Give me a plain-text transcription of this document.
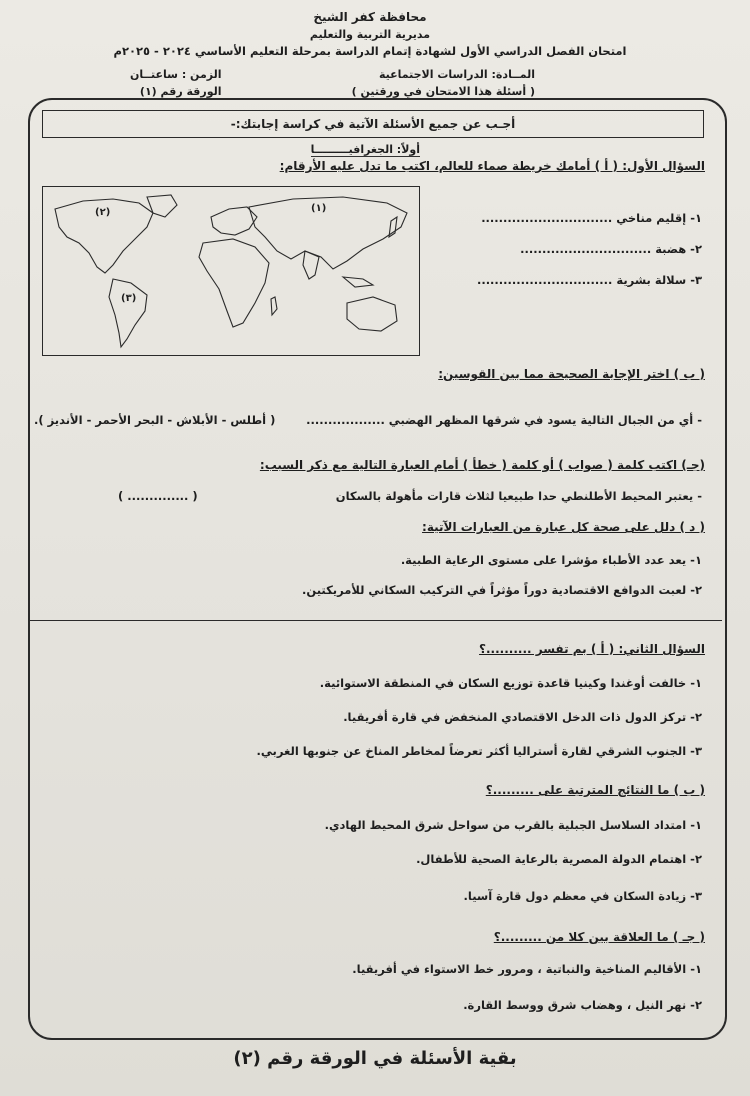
محافظة كفر الشيخ
مديرية التربية والتعليم
امتحان الفصل الدراسي الأول لشهادة إتمام الدراسة بمرحلة التعليم الأساسي ٢٠٢٤ - ٢٠٢٥م
المــادة: الدراسات الاجتماعية
( أسئلة هذا الامتحان في ورقتين )
الزمن : ساعتــان
الورقة رقم (١)
أجـب عن جميع الأسئلة الآتية في كراسة إجابتك:-
أولاً: الجغرافيـــــــــا
السؤال الأول: ( أ ) أمامك خريطة صماء للعالم، اكتب ما تدل عليه الأرقام:
(١)
(٢)
(٣)
١- إقليم مناخي ..............................
٢- هضبة ..............................
٣- سلالة بشرية ...............................
( ب ) اختر الإجابة الصحيحة مما بين القوسين:
- أي من الجبال التالية يسود في شرقها المظهر الهضبي ..................
( أطلس - الأبلاش - البحر الأحمر - الأنديز ).
(جـ) اكتب كلمة ( صواب ) أو كلمة ( خطأ ) أمام العبارة التالية مع ذكر السبب:
- يعتبر المحيط الأطلنطي حدا طبيعيا لثلاث قارات مأهولة بالسكان
( .............. )
( د ) دلل على صحة كل عبارة من العبارات الآتية:
١- يعد عدد الأطباء مؤشرا على مستوى الرعاية الطبية.
٢- لعبت الدوافع الاقتصادية دوراً مؤثراً في التركيب السكاني للأمريكتين.
السؤال الثاني: ( أ ) بم تفسر ..........؟
١- خالفت أوغندا وكينيا قاعدة توزيع السكان في المنطقة الاستوائية.
٢- تركز الدول ذات الدخل الاقتصادي المنخفض في قارة أفريقيا.
٣- الجنوب الشرقي لقارة أستراليا أكثر تعرضاً لمخاطر المناخ عن جنوبها الغربي.
( ب ) ما النتائج المترتبة على .........؟
١- امتداد السلاسل الجبلية بالقرب من سواحل شرق المحيط الهادي.
٢- اهتمام الدولة المصرية بالرعاية الصحية للأطفال.
٣- زيادة السكان في معظم دول قارة آسيا.
( جـ ) ما العلاقة بين كلا من .........؟
١- الأقاليم المناخية والنباتية ، ومرور خط الاستواء في أفريقيا.
٢- نهر النيل ، وهضاب شرق ووسط القارة.
بقية الأسئلة في الورقة رقم (٢)
